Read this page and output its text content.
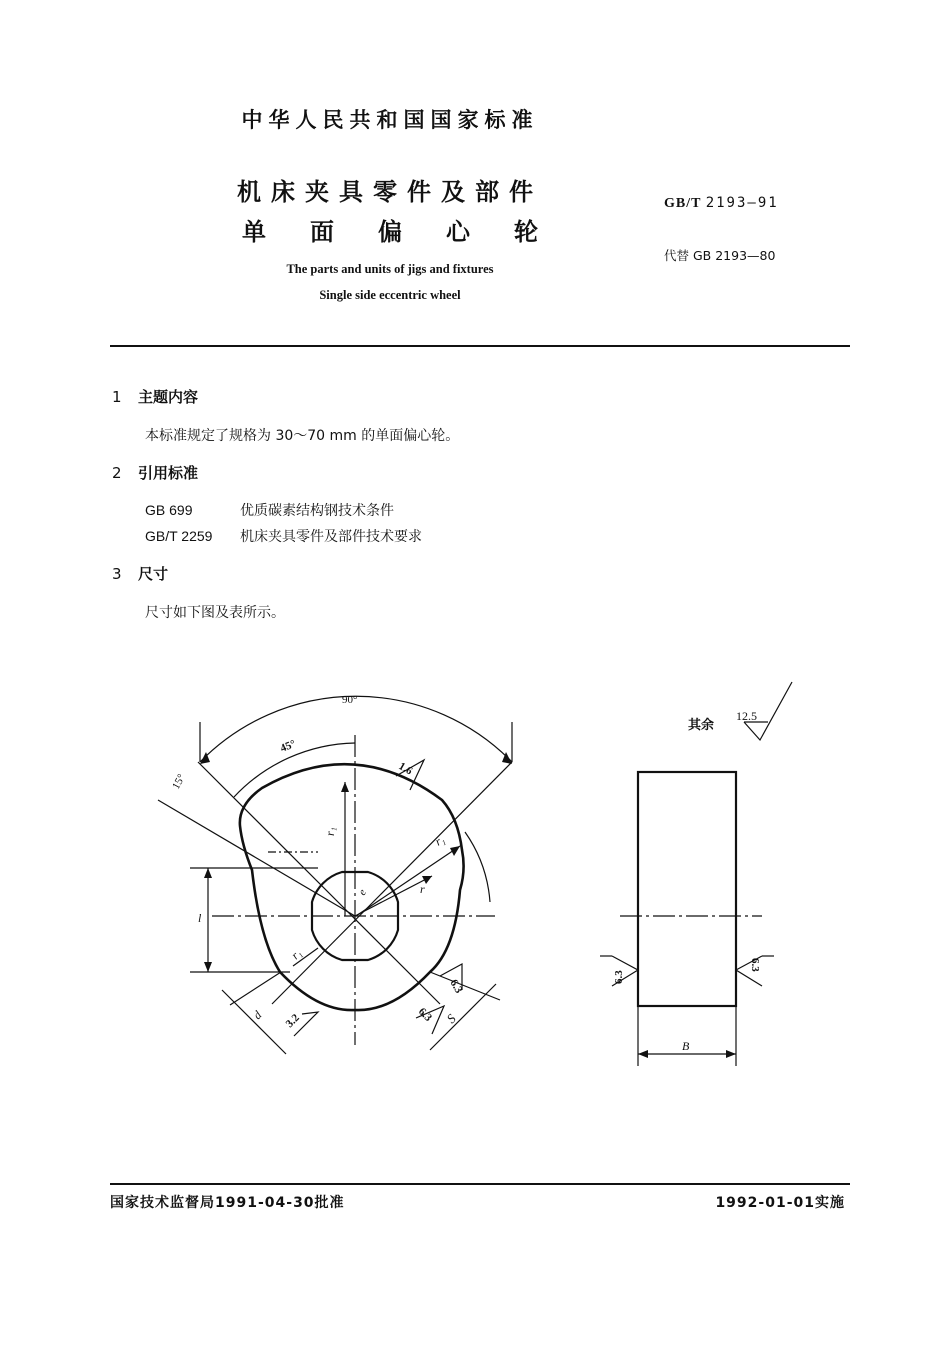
中华人民共和国国家标准
机床夹具零件及部件
单面偏心轮
The parts and units of jigs and fixtures
Single side eccentric wheel
GB/T 2193—91
代替 GB 2193—80
1 主题内容
本标准规定了规格为 30～70 mm 的单面偏心轮。
2 引用标准
GB 699	优质碳素结构钢技术条件
GB/T 2259 机床夹具零件及部件技术要求
3 尺寸
尺寸如下图及表所示。
90°
45°
15°
1.6
3.2	6.3
6.3
6.3
6.3
12.5
其余
r₁
r
r₁
r₁
e
l
d	S
B
国家技术监督局1991-04-30批准	1992-01-01实施
